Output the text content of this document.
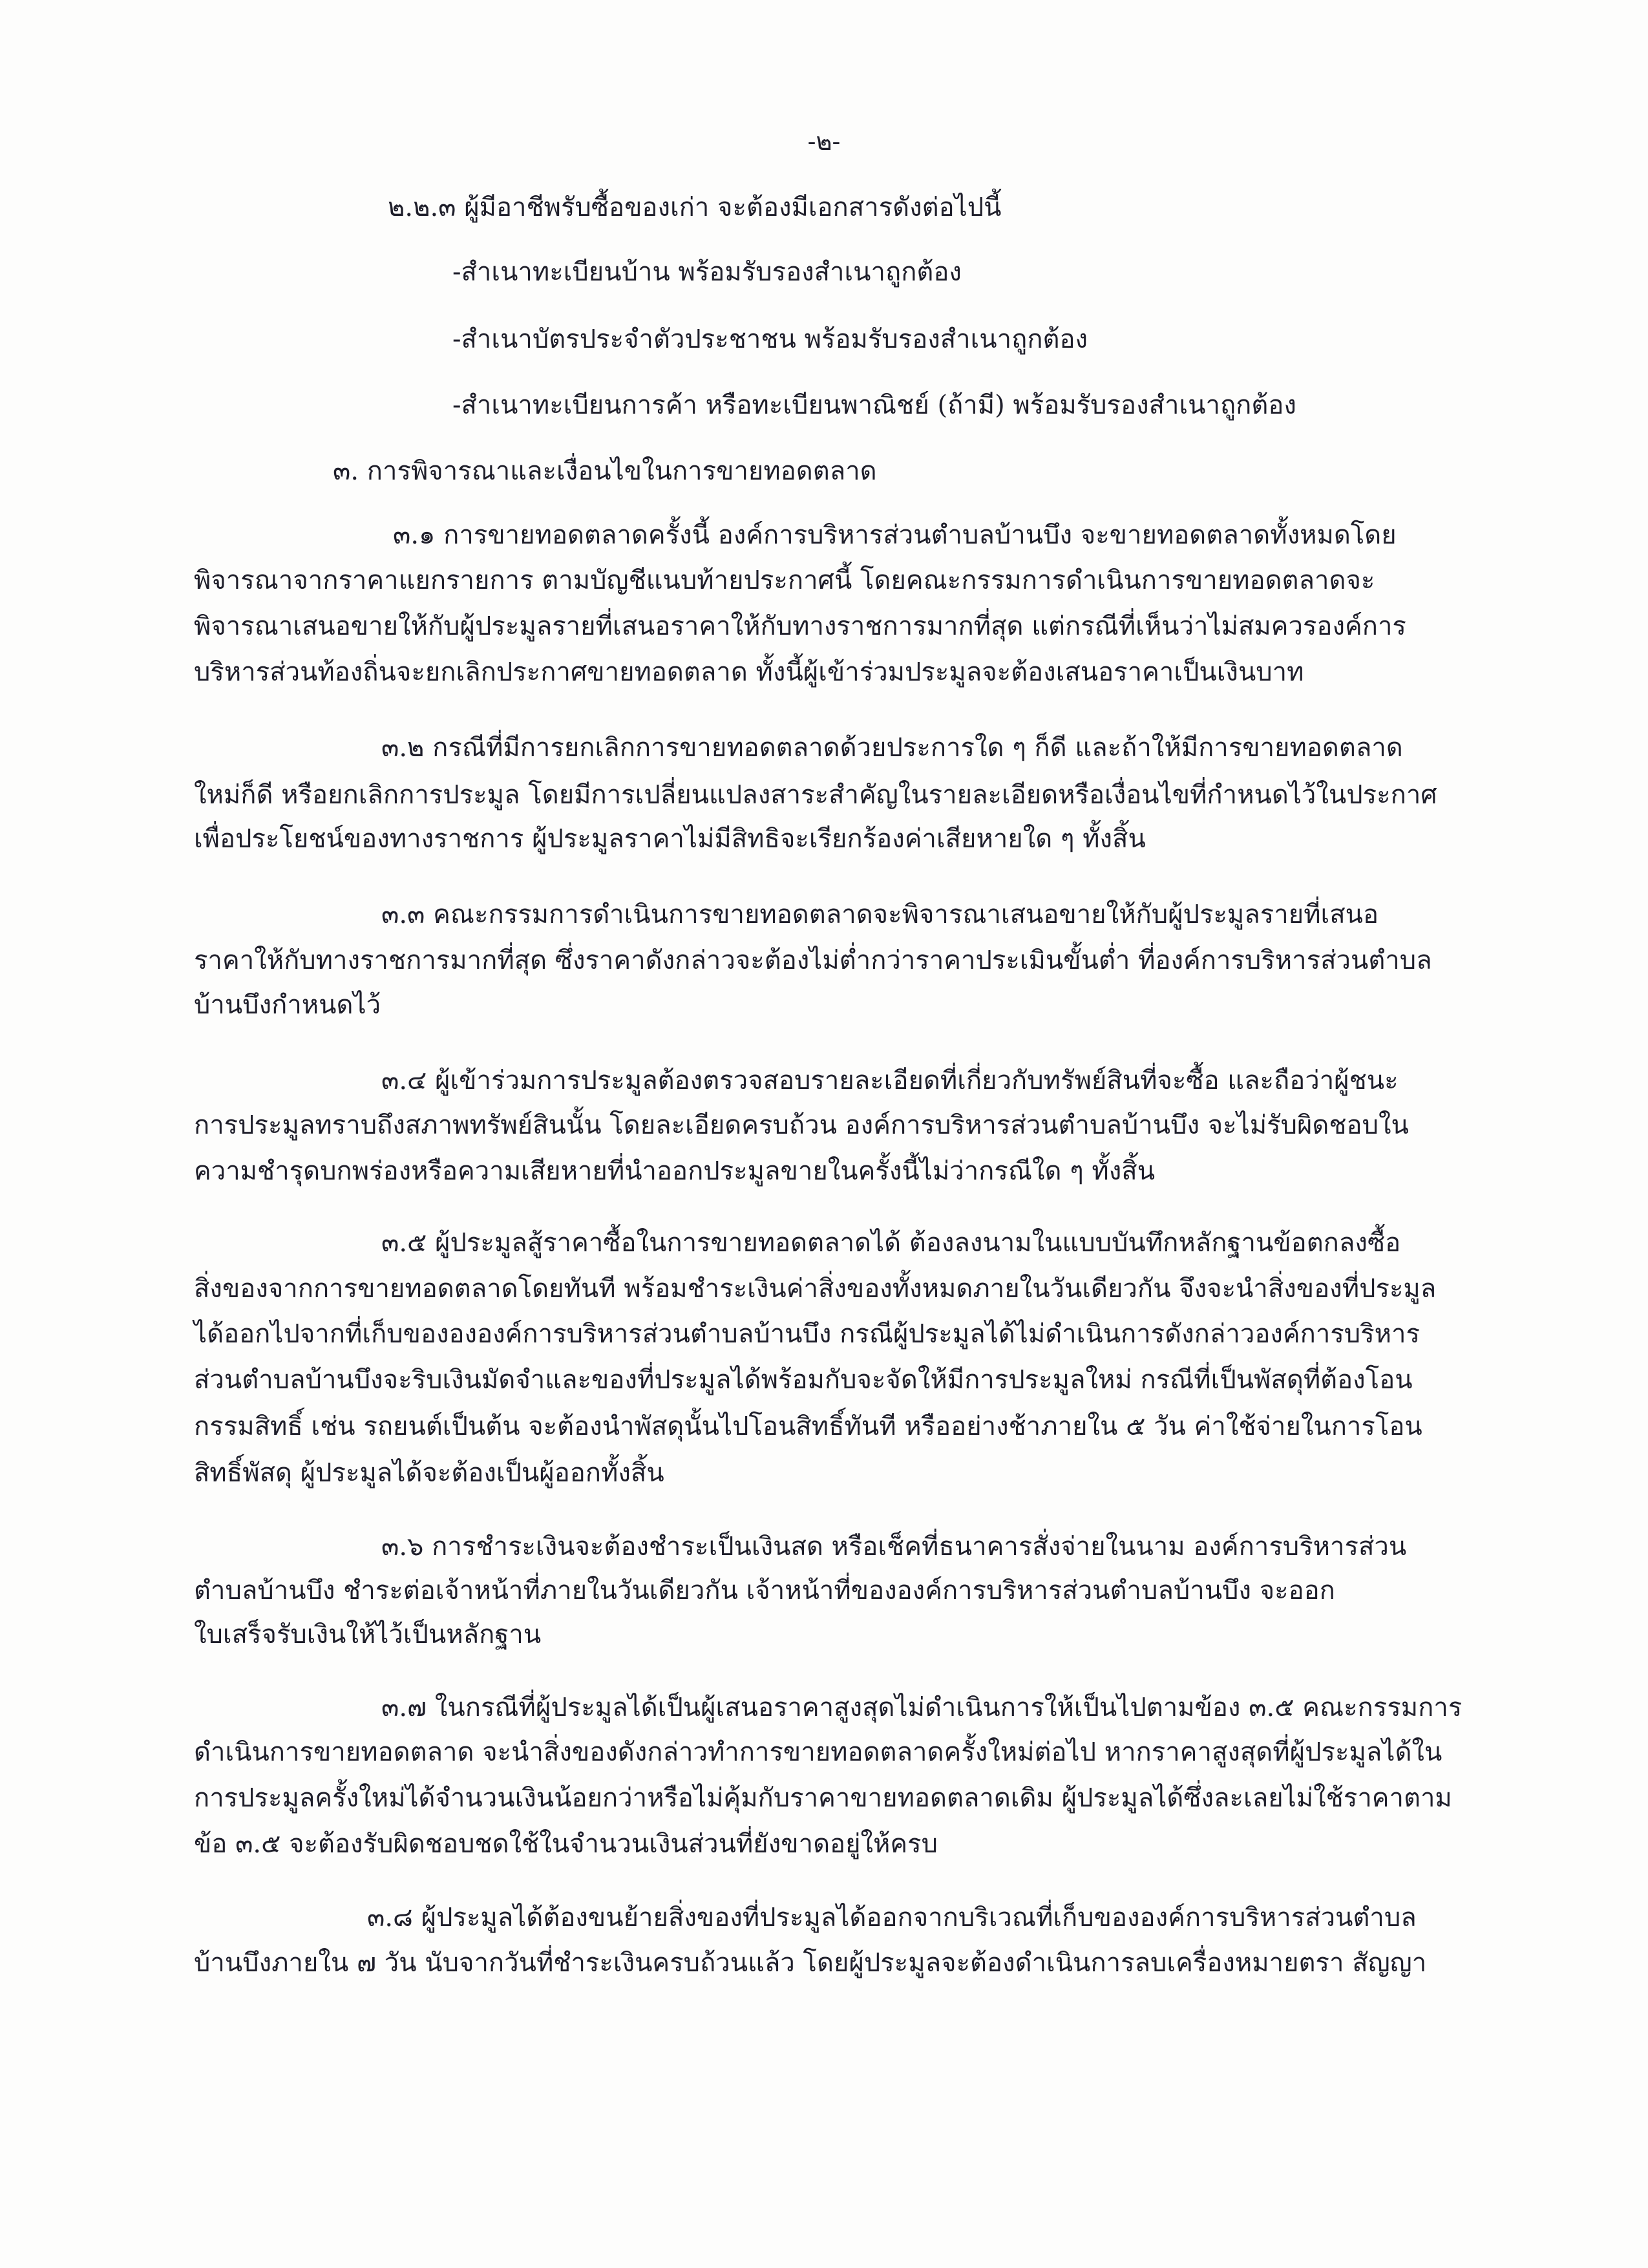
-๒-
๒.๒.๓ ผู้มีอาชีพรับซื้อของเก่า จะต้องมีเอกสารดังต่อไปนี้
-สำเนาทะเบียนบ้าน พร้อมรับรองสำเนาถูกต้อง
-สำเนาบัตรประจำตัวประชาชน พร้อมรับรองสำเนาถูกต้อง
-สำเนาทะเบียนการค้า หรือทะเบียนพาณิชย์ (ถ้ามี) พร้อมรับรองสำเนาถูกต้อง
๓. การพิจารณาและเงื่อนไขในการขายทอดตลาด
๓.๑ การขายทอดตลาดครั้งนี้ องค์การบริหารส่วนตำบลบ้านบึง จะขายทอดตลาดทั้งหมดโดย
พิจารณาจากราคาแยกรายการ ตามบัญชีแนบท้ายประกาศนี้ โดยคณะกรรมการดำเนินการขายทอดตลาดจะ
พิจารณาเสนอขายให้กับผู้ประมูลรายที่เสนอราคาให้กับทางราชการมากที่สุด แต่กรณีที่เห็นว่าไม่สมควรองค์การ
บริหารส่วนท้องถิ่นจะยกเลิกประกาศขายทอดตลาด ทั้งนี้ผู้เข้าร่วมประมูลจะต้องเสนอราคาเป็นเงินบาท
๓.๒ กรณีที่มีการยกเลิกการขายทอดตลาดด้วยประการใด ๆ ก็ดี และถ้าให้มีการขายทอดตลาด
ใหม่ก็ดี หรือยกเลิกการประมูล โดยมีการเปลี่ยนแปลงสาระสำคัญในรายละเอียดหรือเงื่อนไขที่กำหนดไว้ในประกาศ
เพื่อประโยชน์ของทางราชการ ผู้ประมูลราคาไม่มีสิทธิจะเรียกร้องค่าเสียหายใด ๆ ทั้งสิ้น
๓.๓ คณะกรรมการดำเนินการขายทอดตลาดจะพิจารณาเสนอขายให้กับผู้ประมูลรายที่เสนอ
ราคาให้กับทางราชการมากที่สุด ซึ่งราคาดังกล่าวจะต้องไม่ต่ำกว่าราคาประเมินขั้นต่ำ ที่องค์การบริหารส่วนตำบล
บ้านบึงกำหนดไว้
๓.๔ ผู้เข้าร่วมการประมูลต้องตรวจสอบรายละเอียดที่เกี่ยวกับทรัพย์สินที่จะซื้อ และถือว่าผู้ชนะ
การประมูลทราบถึงสภาพทรัพย์สินนั้น โดยละเอียดครบถ้วน องค์การบริหารส่วนตำบลบ้านบึง จะไม่รับผิดชอบใน
ความชำรุดบกพร่องหรือความเสียหายที่นำออกประมูลขายในครั้งนี้ไม่ว่ากรณีใด ๆ ทั้งสิ้น
๓.๕ ผู้ประมูลสู้ราคาซื้อในการขายทอดตลาดได้ ต้องลงนามในแบบบันทึกหลักฐานข้อตกลงซื้อ
สิ่งของจากการขายทอดตลาดโดยทันที พร้อมชำระเงินค่าสิ่งของทั้งหมดภายในวันเดียวกัน จึงจะนำสิ่งของที่ประมูล
ได้ออกไปจากที่เก็บของององค์การบริหารส่วนตำบลบ้านบึง กรณีผู้ประมูลได้ไม่ดำเนินการดังกล่าวองค์การบริหาร
ส่วนตำบลบ้านบึงจะริบเงินมัดจำและของที่ประมูลได้พร้อมกับจะจัดให้มีการประมูลใหม่ กรณีที่เป็นพัสดุที่ต้องโอน
กรรมสิทธิ์ เช่น รถยนต์เป็นต้น จะต้องนำพัสดุนั้นไปโอนสิทธิ์ทันที หรืออย่างช้าภายใน ๕ วัน ค่าใช้จ่ายในการโอน
สิทธิ์พัสดุ ผู้ประมูลได้จะต้องเป็นผู้ออกทั้งสิ้น
๓.๖ การชำระเงินจะต้องชำระเป็นเงินสด หรือเช็คที่ธนาคารสั่งจ่ายในนาม องค์การบริหารส่วน
ตำบลบ้านบึง ชำระต่อเจ้าหน้าที่ภายในวันเดียวกัน เจ้าหน้าที่ขององค์การบริหารส่วนตำบลบ้านบึง จะออก
ใบเสร็จรับเงินให้ไว้เป็นหลักฐาน
๓.๗ ในกรณีที่ผู้ประมูลได้เป็นผู้เสนอราคาสูงสุดไม่ดำเนินการให้เป็นไปตามข้อง ๓.๕ คณะกรรมการ
ดำเนินการขายทอดตลาด จะนำสิ่งของดังกล่าวทำการขายทอดตลาดครั้งใหม่ต่อไป หากราคาสูงสุดที่ผู้ประมูลได้ใน
การประมูลครั้งใหม่ได้จำนวนเงินน้อยกว่าหรือไม่คุ้มกับราคาขายทอดตลาดเดิม ผู้ประมูลได้ซึ่งละเลยไม่ใช้ราคาตาม
ข้อ ๓.๕ จะต้องรับผิดชอบชดใช้ในจำนวนเงินส่วนที่ยังขาดอยู่ให้ครบ
๓.๘ ผู้ประมูลได้ต้องขนย้ายสิ่งของที่ประมูลได้ออกจากบริเวณที่เก็บขององค์การบริหารส่วนตำบล
บ้านบึงภายใน ๗ วัน นับจากวันที่ชำระเงินครบถ้วนแล้ว โดยผู้ประมูลจะต้องดำเนินการลบเครื่องหมายตรา สัญญา
